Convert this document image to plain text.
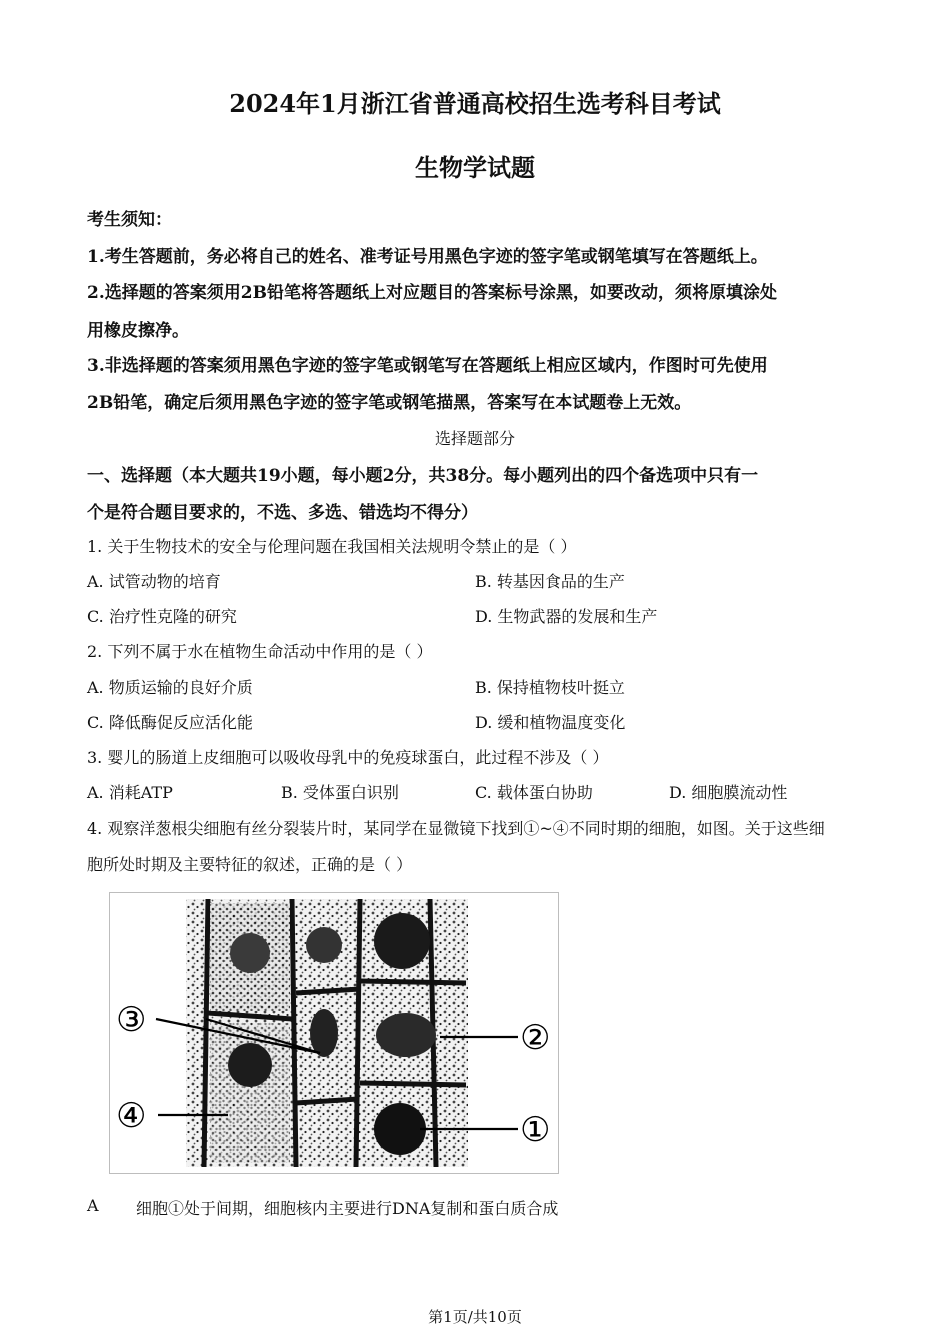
2024年1月浙江省普通高校招生选考科目考试
生物学试题
考生须知：
1.考生答题前，务必将自己的姓名、准考证号用黑色字迹的签字笔或钢笔填写在答题纸上。
2.选择题的答案须用2B铅笔将答题纸上对应题目的答案标号涂黑，如要改动，须将原填涂处
用橡皮擦净。
3.非选择题的答案须用黑色字迹的签字笔或钢笔写在答题纸上相应区域内，作图时可先使用
2B铅笔，确定后须用黑色字迹的签字笔或钢笔描黑，答案写在本试题卷上无效。
选择题部分
一、选择题（本大题共19小题，每小题2分，共38分。每小题列出的四个备选项中只有一
个是符合题目要求的，不选、多选、错选均不得分）
1. 关于生物技术的安全与伦理问题在我国相关法规明令禁止的是（ ）
A. 试管动物的培育	B. 转基因食品的生产
C. 治疗性克隆的研究	D. 生物武器的发展和生产
2. 下列不属于水在植物生命活动中作用的是（ ）
A. 物质运输的良好介质	B. 保持植物枝叶挺立
C. 降低酶促反应活化能	D. 缓和植物温度变化
3. 婴儿的肠道上皮细胞可以吸收母乳中的免疫球蛋白，此过程不涉及（ ）
A. 消耗ATP	B. 受体蛋白识别	C. 载体蛋白协助	D. 细胞膜流动性
4. 观察洋葱根尖细胞有丝分裂装片时，某同学在显微镜下找到①~④不同时期的细胞，如图。关于这些细
胞所处时期及主要特征的叙述，正确的是（ ）
③	②
④	①
A 细胞①处于间期，细胞核内主要进行DNA复制和蛋白质合成
第1页/共10页
